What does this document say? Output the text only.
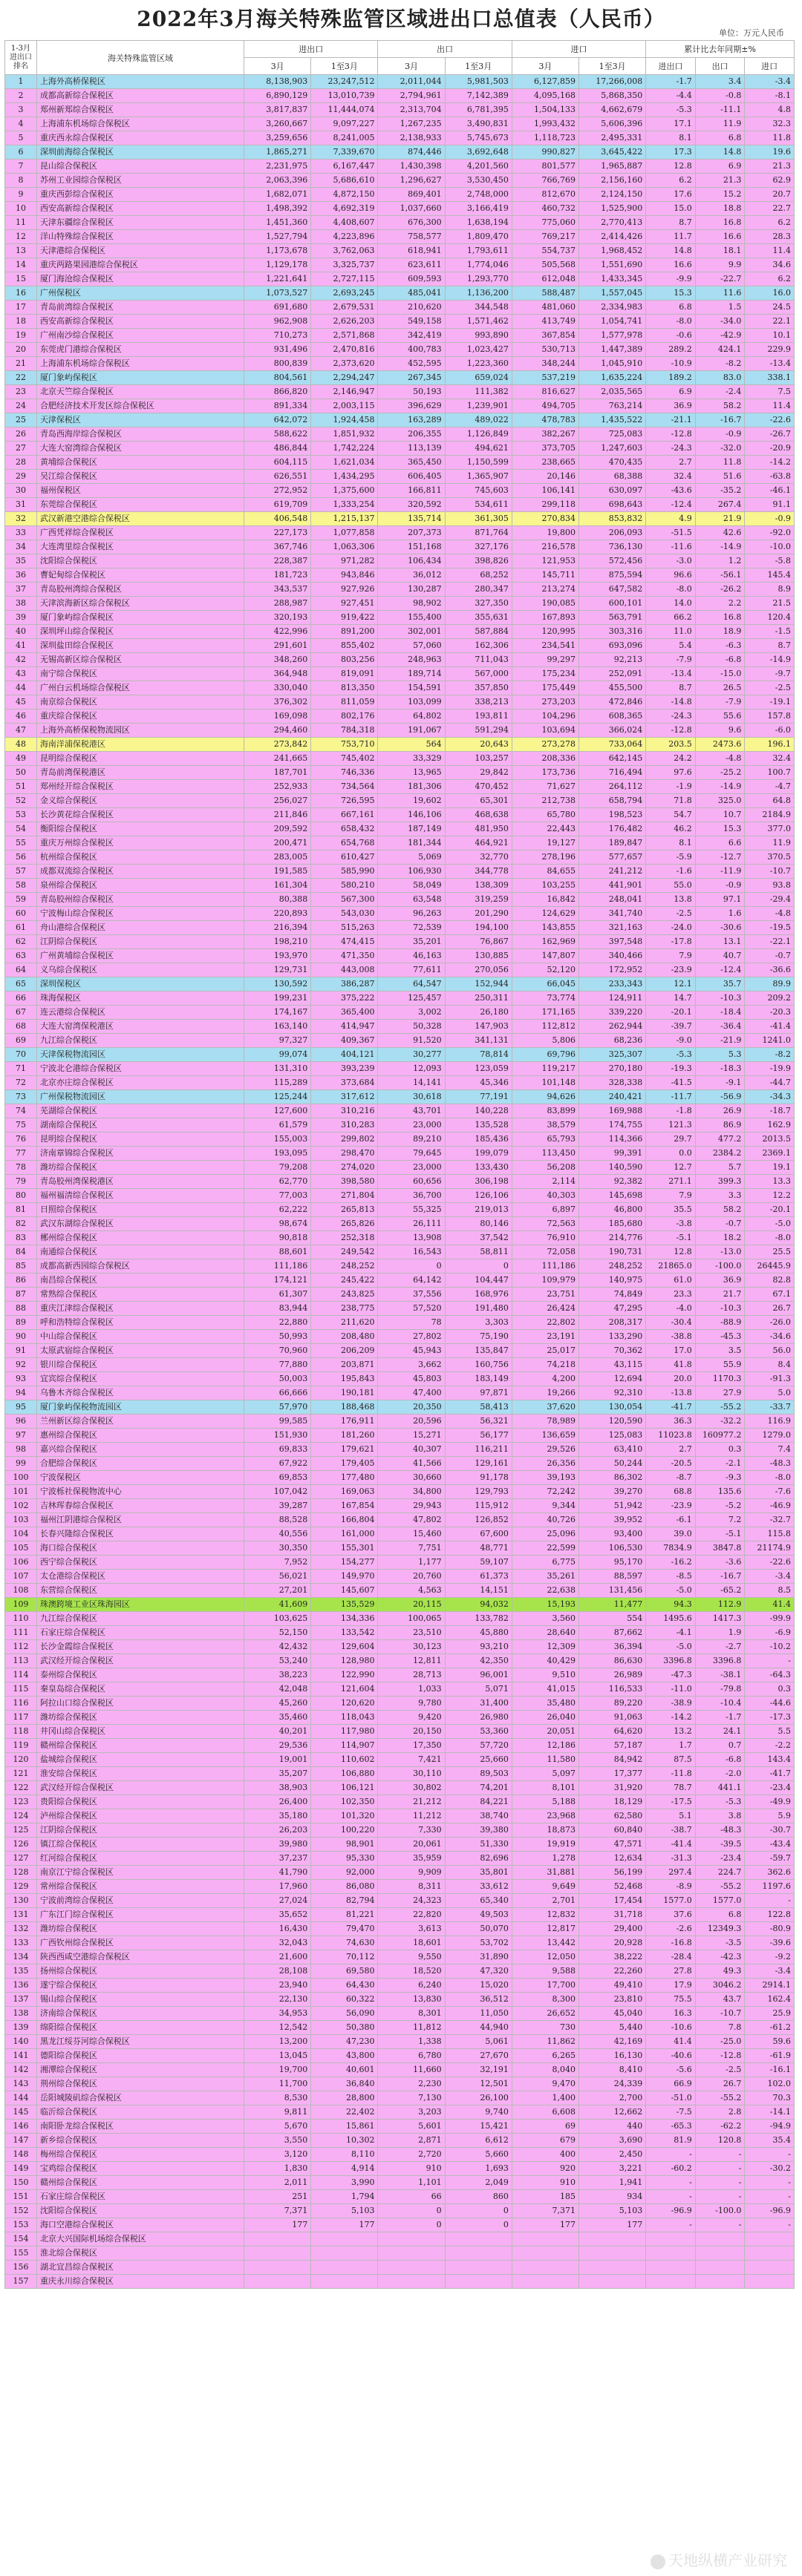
2022年3月海关特殊监管区域进出口总值表（人民币）
单位：万元人民币
1-3月进出口排名	海关特殊监管区域	进出口		出口		进口		累计比去年同期±%		
		3月	1至3月	3月	1至3月	3月	1至3月	进出口	出口	进口
1	上海外高桥保税区	8,138,903	23,247,512	2,011,044	5,981,503	6,127,859	17,266,008	-1.7	3.4	-3.4
2	成都高新综合保税区	6,890,129	13,010,739	2,794,961	7,142,389	4,095,168	5,868,350	-4.4	-0.8	-8.1
3	郑州新郑综合保税区	3,817,837	11,444,074	2,313,704	6,781,395	1,504,133	4,662,679	-5.3	-11.1	4.8
4	上海浦东机场综合保税区	3,260,667	9,097,227	1,267,235	3,490,831	1,993,432	5,606,396	17.1	11.9	32.3
5	重庆西永综合保税区	3,259,656	8,241,005	2,138,933	5,745,673	1,118,723	2,495,331	8.1	6.8	11.8
6	深圳前海综合保税区	1,865,271	7,339,670	874,446	3,692,648	990,827	3,645,422	17.3	14.8	19.6
7	昆山综合保税区	2,231,975	6,167,447	1,430,398	4,201,560	801,577	1,965,887	12.8	6.9	21.3
8	苏州工业园综合保税区	2,063,396	5,686,610	1,296,627	3,530,450	766,769	2,156,160	6.2	21.3	62.9
9	重庆西彭综合保税区	1,682,071	4,872,150	869,401	2,748,000	812,670	2,124,150	17.6	15.2	20.7
10	西安高新综合保税区	1,498,392	4,692,319	1,037,660	3,166,419	460,732	1,525,900	15.0	18.8	22.7
11	天津东疆综合保税区	1,451,360	4,408,607	676,300	1,638,194	775,060	2,770,413	8.7	16.8	6.2
12	洋山特殊综合保税区	1,527,794	4,223,896	758,577	1,809,470	769,217	2,414,426	11.7	16.6	28.3
13	天津港综合保税区	1,173,678	3,762,063	618,941	1,793,611	554,737	1,968,452	14.8	18.1	11.4
14	重庆两路果园港综合保税区	1,129,178	3,325,737	623,611	1,774,046	505,568	1,551,690	16.6	9.9	34.6
15	厦门海沧综合保税区	1,221,641	2,727,115	609,593	1,293,770	612,048	1,433,345	-9.9	-22.7	6.2
16	广州保税区	1,073,527	2,693,245	485,041	1,136,200	588,487	1,557,045	15.3	11.6	16.0
17	青岛前湾综合保税区	691,680	2,679,531	210,620	344,548	481,060	2,334,983	6.8	1.5	24.5
18	西安高新综合保税区	962,908	2,626,203	549,158	1,571,462	413,749	1,054,741	-8.0	-34.0	22.1
19	广州南沙综合保税区	710,273	2,571,868	342,419	993,890	367,854	1,577,978	-0.6	-42.9	10.1
20	东莞虎门港综合保税区	931,496	2,470,816	400,783	1,023,427	530,713	1,447,389	289.2	424.1	229.9
21	上海浦东机场综合保税区	800,839	2,373,620	452,595	1,223,360	348,244	1,045,910	-10.9	-8.2	-13.4
22	厦门象屿保税区	804,561	2,294,247	267,345	659,024	537,219	1,635,224	189.2	83.0	338.1
23	北京天竺综合保税区	866,820	2,146,947	50,193	111,382	816,627	2,035,565	6.9	-2.4	7.5
24	合肥经济技术开发区综合保税区	891,334	2,003,115	396,629	1,239,901	494,705	763,214	36.9	58.2	11.4
25	天津保税区	642,072	1,924,458	163,289	489,022	478,783	1,435,522	-21.1	-16.7	-22.6
26	青岛西海岸综合保税区	588,622	1,851,932	206,355	1,126,849	382,267	725,083	-12.8	-0.9	-26.7
27	大连大窑湾综合保税区	486,844	1,742,224	113,139	494,621	373,705	1,247,603	-24.3	-32.0	-20.9
28	黄埔综合保税区	604,115	1,621,034	365,450	1,150,599	238,665	470,435	2.7	11.8	-14.2
29	吴江综合保税区	626,551	1,434,295	606,405	1,365,907	20,146	68,388	32.4	51.6	-63.8
30	福州保税区	272,952	1,375,600	166,811	745,603	106,141	630,097	-43.6	-35.2	-46.1
31	东莞综合保税区	619,709	1,333,254	320,592	534,611	299,118	698,643	-12.4	267.4	91.1
32	武汉新港空港综合保税区	406,548	1,215,137	135,714	361,305	270,834	853,832	4.9	21.9	-0.9
33	广西凭祥综合保税区	227,173	1,077,858	207,373	871,764	19,800	206,093	-51.5	42.6	-92.0
34	大连湾里综合保税区	367,746	1,063,306	151,168	327,176	216,578	736,130	-11.6	-14.9	-10.0
35	沈阳综合保税区	228,387	971,282	106,434	398,826	121,953	572,456	-3.0	1.2	-5.8
36	曹妃甸综合保税区	181,723	943,846	36,012	68,252	145,711	875,594	96.6	-56.1	145.4
37	青岛胶州湾综合保税区	343,537	927,926	130,287	280,347	213,274	647,582	-8.0	-26.2	8.9
38	天津滨海新区综合保税区	288,987	927,451	98,902	327,350	190,085	600,101	14.0	2.2	21.5
39	厦门象屿综合保税区	320,193	919,422	155,400	355,631	167,893	563,791	66.2	16.8	120.4
40	深圳坪山综合保税区	422,996	891,200	302,001	587,884	120,995	303,316	11.0	18.9	-1.5
41	深圳盐田综合保税区	291,601	855,402	57,060	162,306	234,541	693,096	5.4	-6.3	8.7
42	无锡高新区综合保税区	348,260	803,256	248,963	711,043	99,297	92,213	-7.9	-6.8	-14.9
43	南宁综合保税区	364,948	819,091	189,714	567,000	175,234	252,091	-13.4	-15.0	-9.7
44	广州白云机场综合保税区	330,040	813,350	154,591	357,850	175,449	455,500	8.7	26.5	-2.5
45	南京综合保税区	376,302	811,059	103,099	338,213	273,203	472,846	-14.8	-7.9	-19.1
46	重庆综合保税区	169,098	802,176	64,802	193,811	104,296	608,365	-24.3	55.6	157.8
47	上海外高桥保税物流园区	294,460	784,318	191,067	591,294	103,694	366,024	-12.8	9.6	-6.0
48	海南洋浦保税港区	273,842	753,710	564	20,643	273,278	733,064	203.5	2473.6	196.1
49	昆明综合保税区	241,665	745,402	33,329	103,257	208,336	642,145	24.2	-4.8	32.4
50	青岛前湾保税港区	187,701	746,336	13,965	29,842	173,736	716,494	97.6	-25.2	100.7
51	郑州经开综合保税区	252,933	734,564	181,306	470,452	71,627	264,112	-1.9	-14.9	-4.7
52	金义综合保税区	256,027	726,595	19,602	65,301	212,738	658,794	71.8	325.0	64.8
53	长沙黄花综合保税区	211,846	667,161	146,106	468,638	65,780	198,523	54.7	10.7	2184.9
54	衡阳综合保税区	209,592	658,432	187,149	481,950	22,443	176,482	46.2	15.3	377.0
55	重庆万州综合保税区	200,471	654,768	181,344	464,921	19,127	189,847	8.1	6.6	11.9
56	杭州综合保税区	283,005	610,427	5,069	32,770	278,196	577,657	-5.9	-12.7	370.5
57	成都双流综合保税区	191,585	585,990	106,930	344,778	84,655	241,212	-1.6	-11.9	-10.7
58	泉州综合保税区	161,304	580,210	58,049	138,309	103,255	441,901	55.0	-0.9	93.8
59	青岛胶州综合保税区	80,388	567,300	63,548	319,259	16,842	248,041	13.8	97.1	-29.4
60	宁波梅山综合保税区	220,893	543,030	96,263	201,290	124,629	341,740	-2.5	1.6	-4.8
61	舟山港综合保税区	216,394	515,263	72,539	194,100	143,855	321,163	-24.0	-30.6	-19.5
62	江阴综合保税区	198,210	474,415	35,201	76,867	162,969	397,548	-17.8	13.1	-22.1
63	广州黄埔综合保税区	193,970	471,350	46,163	130,885	147,807	340,466	7.9	40.7	-0.7
64	义乌综合保税区	129,731	443,008	77,611	270,056	52,120	172,952	-23.9	-12.4	-36.6
65	深圳保税区	130,592	386,287	64,547	152,944	66,045	233,343	12.1	35.7	89.9
66	珠海保税区	199,231	375,222	125,457	250,311	73,774	124,911	14.7	-10.3	209.2
67	连云港综合保税区	174,167	365,400	3,002	26,180	171,165	339,220	-20.1	-18.4	-20.3
68	大连大窑湾保税港区	163,140	414,947	50,328	147,903	112,812	262,944	-39.7	-36.4	-41.4
69	九江综合保税区	97,327	409,367	91,520	341,131	5,806	68,236	-9.0	-21.9	1241.0
70	天津保税物流园区	99,074	404,121	30,277	78,814	69,796	325,307	-5.3	5.3	-8.2
71	宁波北仑港综合保税区	131,310	393,239	12,093	123,059	119,217	270,180	-19.3	-18.3	-19.9
72	北京亦庄综合保税区	115,289	373,684	14,141	45,346	101,148	328,338	-41.5	-9.1	-44.7
73	广州保税物流园区	125,244	317,612	30,618	77,191	94,626	240,421	-11.7	-56.9	-34.3
74	芜湖综合保税区	127,600	310,216	43,701	140,228	83,899	169,988	-1.8	26.9	-18.7
75	湖南综合保税区	61,579	310,283	23,000	135,528	38,579	174,755	121.3	86.9	162.9
76	昆明综合保税区	155,003	299,802	89,210	185,436	65,793	114,366	29.7	477.2	2013.5
77	济南章锦综合保税区	193,095	298,470	79,645	199,079	113,450	99,391	0.0	2384.2	2369.1
78	潍坊综合保税区	79,208	274,020	23,000	133,430	56,208	140,590	12.7	5.7	19.1
79	青岛胶州湾保税港区	62,770	398,580	60,656	306,198	2,114	92,382	271.1	399.3	13.3
80	福州福清综合保税区	77,003	271,804	36,700	126,106	40,303	145,698	7.9	3.3	12.2
81	日照综合保税区	62,222	265,813	55,325	219,013	6,897	46,800	35.5	58.2	-20.1
82	武汉东湖综合保税区	98,674	265,826	26,111	80,146	72,563	185,680	-3.8	-0.7	-5.0
83	郴州综合保税区	90,818	252,318	13,908	37,542	76,910	214,776	-5.1	18.2	-8.0
84	南通综合保税区	88,601	249,542	16,543	58,811	72,058	190,731	12.8	-13.0	25.5
85	成都高新西园综合保税区	111,186	248,252	0	0	111,186	248,252	21865.0	-100.0	26445.9
86	南昌综合保税区	174,121	245,422	64,142	104,447	109,979	140,975	61.0	36.9	82.8
87	常熟综合保税区	61,307	243,825	37,556	168,976	23,751	74,849	23.3	21.7	67.1
88	重庆江津综合保税区	83,944	238,775	57,520	191,480	26,424	47,295	-4.0	-10.3	26.7
89	呼和浩特综合保税区	22,880	211,620	78	3,303	22,802	208,317	-30.4	-88.9	-26.0
90	中山综合保税区	50,993	208,480	27,802	75,190	23,191	133,290	-38.8	-45.3	-34.6
91	太原武宿综合保税区	70,960	206,209	45,943	135,847	25,017	70,362	17.0	3.5	56.0
92	银川综合保税区	77,880	203,871	3,662	160,756	74,218	43,115	41.8	55.9	8.4
93	宜宾综合保税区	50,003	195,843	45,803	183,149	4,200	12,694	20.0	1170.3	-91.3
94	乌鲁木齐综合保税区	66,666	190,181	47,400	97,871	19,266	92,310	-13.8	27.9	5.0
95	厦门象屿保税物流园区	57,970	188,468	20,350	58,413	37,620	130,054	-41.7	-55.2	-33.7
96	兰州新区综合保税区	99,585	176,911	20,596	56,321	78,989	120,590	36.3	-32.2	116.9
97	惠州综合保税区	151,930	181,260	15,271	56,177	136,659	125,083	11023.8	160977.2	1279.0
98	嘉兴综合保税区	69,833	179,621	40,307	116,211	29,526	63,410	2.7	0.3	7.4
99	合肥综合保税区	67,922	179,405	41,566	129,161	26,356	50,244	-20.5	-2.1	-48.3
100	宁波保税区	69,853	177,480	30,660	91,178	39,193	86,302	-8.7	-9.3	-8.0
101	宁波栎社保税物流中心	107,042	169,063	34,800	129,793	72,242	39,270	68.8	135.6	-7.6
102	吉林珲春综合保税区	39,287	167,854	29,943	115,912	9,344	51,942	-23.9	-5.2	-46.9
103	福州江阴港综合保税区	88,528	166,804	47,802	126,852	40,726	39,952	-6.1	7.2	-32.7
104	长春兴隆综合保税区	40,556	161,000	15,460	67,600	25,096	93,400	39.0	-5.1	115.8
105	海口综合保税区	30,350	155,301	7,751	48,771	22,599	106,530	7834.9	3847.8	21174.9
106	西宁综合保税区	7,952	154,277	1,177	59,107	6,775	95,170	-16.2	-3.6	-22.6
107	太仓港综合保税区	56,021	149,970	20,760	61,373	35,261	88,597	-8.5	-16.7	-3.4
108	东营综合保税区	27,201	145,607	4,563	14,151	22,638	131,456	-5.0	-65.2	8.5
109	珠澳跨境工业区珠海园区	41,609	135,529	20,115	94,032	15,193	11,477	94.3	112.9	41.4
110	九江综合保税区	103,625	134,336	100,065	133,782	3,560	554	1495.6	1417.3	-99.9
111	石家庄综合保税区	52,150	133,542	23,510	45,880	28,640	87,662	-4.1	1.9	-6.9
112	长沙金霞综合保税区	42,432	129,604	30,123	93,210	12,309	36,394	-5.0	-2.7	-10.2
113	武汉经开综合保税区	53,240	128,980	12,811	42,350	40,429	86,630	3396.8	3396.8	-
114	泰州综合保税区	38,223	122,990	28,713	96,001	9,510	26,989	-47.3	-38.1	-64.3
115	秦皇岛综合保税区	42,048	121,604	1,033	5,071	41,015	116,533	-11.0	-79.8	0.3
116	阿拉山口综合保税区	45,260	120,620	9,780	31,400	35,480	89,220	-38.9	-10.4	-44.6
117	潍坊综合保税区	35,460	118,043	9,420	26,980	26,040	91,063	-14.2	-1.7	-17.3
118	井冈山综合保税区	40,201	117,980	20,150	53,360	20,051	64,620	13.2	24.1	5.5
119	赣州综合保税区	29,536	114,907	17,350	57,720	12,186	57,187	1.7	0.7	-2.2
120	盐城综合保税区	19,001	110,602	7,421	25,660	11,580	84,942	87.5	-6.8	143.4
121	淮安综合保税区	35,207	106,880	30,110	89,503	5,097	17,377	-11.8	-2.0	-41.7
122	武汉经开综合保税区	38,903	106,121	30,802	74,201	8,101	31,920	78.7	441.1	-23.4
123	贵阳综合保税区	26,400	102,350	21,212	84,221	5,188	18,129	-17.5	-5.3	-49.9
124	泸州综合保税区	35,180	101,320	11,212	38,740	23,968	62,580	5.1	3.8	5.9
125	江阴综合保税区	26,203	100,220	7,330	39,380	18,873	60,840	-38.7	-48.3	-30.7
126	镇江综合保税区	39,980	98,901	20,061	51,330	19,919	47,571	-41.4	-39.5	-43.4
127	红河综合保税区	37,237	95,330	35,959	82,696	1,278	12,634	-31.3	-23.4	-59.7
128	南京江宁综合保税区	41,790	92,000	9,909	35,801	31,881	56,199	297.4	224.7	362.6
129	常州综合保税区	17,960	86,080	8,311	33,612	9,649	52,468	-8.9	-55.2	1197.6
130	宁波前湾综合保税区	27,024	82,794	24,323	65,340	2,701	17,454	1577.0	1577.0	-
131	广东江门综合保税区	35,652	81,221	22,820	49,503	12,832	31,718	37.6	6.8	122.8
132	潍坊综合保税区	16,430	79,470	3,613	50,070	12,817	29,400	-2.6	12349.3	-80.9
133	广西钦州综合保税区	32,043	74,630	18,601	53,702	13,442	20,928	-16.8	-3.5	-39.6
134	陕西西咸空港综合保税区	21,600	70,112	9,550	31,890	12,050	38,222	-28.4	-42.3	-9.2
135	扬州综合保税区	28,108	69,580	18,520	47,320	9,588	22,260	27.8	49.3	-3.4
136	遂宁综合保税区	23,940	64,430	6,240	15,020	17,700	49,410	17.9	3046.2	2914.1
137	锡山综合保税区	22,130	60,322	13,830	36,512	8,300	23,810	75.5	43.7	162.4
138	济南综合保税区	34,953	56,090	8,301	11,050	26,652	45,040	16.3	-10.7	25.9
139	绵阳综合保税区	12,542	50,380	11,812	44,940	730	5,440	-10.6	7.8	-61.2
140	黑龙江绥芬河综合保税区	13,200	47,230	1,338	5,061	11,862	42,169	41.4	-25.0	59.6
141	德阳综合保税区	13,045	43,800	6,780	27,670	6,265	16,130	-40.6	-12.8	-61.9
142	湘潭综合保税区	19,700	40,601	11,660	32,191	8,040	8,410	-5.6	-2.5	-16.1
143	荆州综合保税区	11,700	36,840	2,230	12,501	9,470	24,339	66.9	26.7	102.0
144	岳阳城陵矶综合保税区	8,530	28,800	7,130	26,100	1,400	2,700	-51.0	-55.2	70.3
145	临沂综合保税区	9,811	22,402	3,203	9,740	6,608	12,662	-7.5	2.8	-14.1
146	南阳卧龙综合保税区	5,670	15,861	5,601	15,421	69	440	-65.3	-62.2	-94.9
147	新乡综合保税区	3,550	10,302	2,871	6,612	679	3,690	81.9	120.8	35.4
148	梅州综合保税区	3,120	8,110	2,720	5,660	400	2,450	-	-	-
149	宝鸡综合保税区	1,830	4,914	910	1,693	920	3,221	-60.2	-	-30.2
150	赣州综合保税区	2,011	3,990	1,101	2,049	910	1,941	-	-	-
151	石家庄综合保税区	251	1,794	66	860	185	934	-	-	-
152	沈阳综合保税区	7,371	5,103	0	0	7,371	5,103	-96.9	-100.0	-96.9
153	海口空港综合保税区	177	177	0	0	177	177	-	-	-
154	北京大兴国际机场综合保税区									
155	淮北综合保税区									
156	湖北宜昌综合保税区									
157	重庆永川综合保税区									
天地纵横产业研究
